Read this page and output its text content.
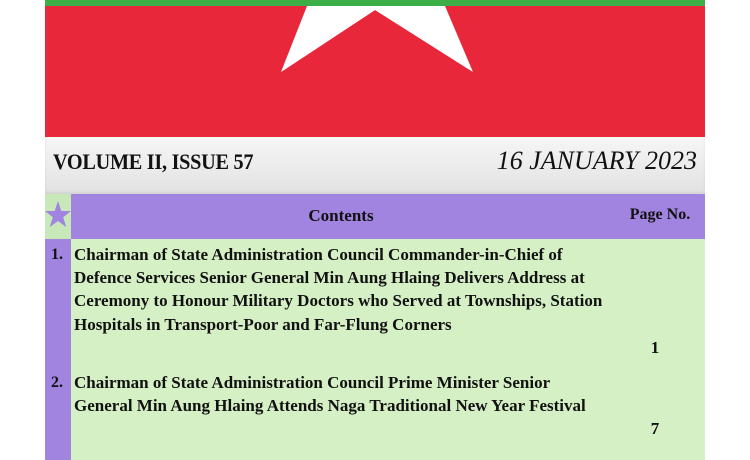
VOLUME II, ISSUE 57	16 JANUARY 2023
Contents	Page No.
1. Chairman of State Administration Council Commander-in-Chief of Defence Services Senior General Min Aung Hlaing Delivers Address at Ceremony to Honour Military Doctors who Served at Townships, Station Hospitals in Transport-Poor and Far-Flung Corners
1
2. Chairman of State Administration Council Prime Minister Senior General Min Aung Hlaing Attends Naga Traditional New Year Festival
7
